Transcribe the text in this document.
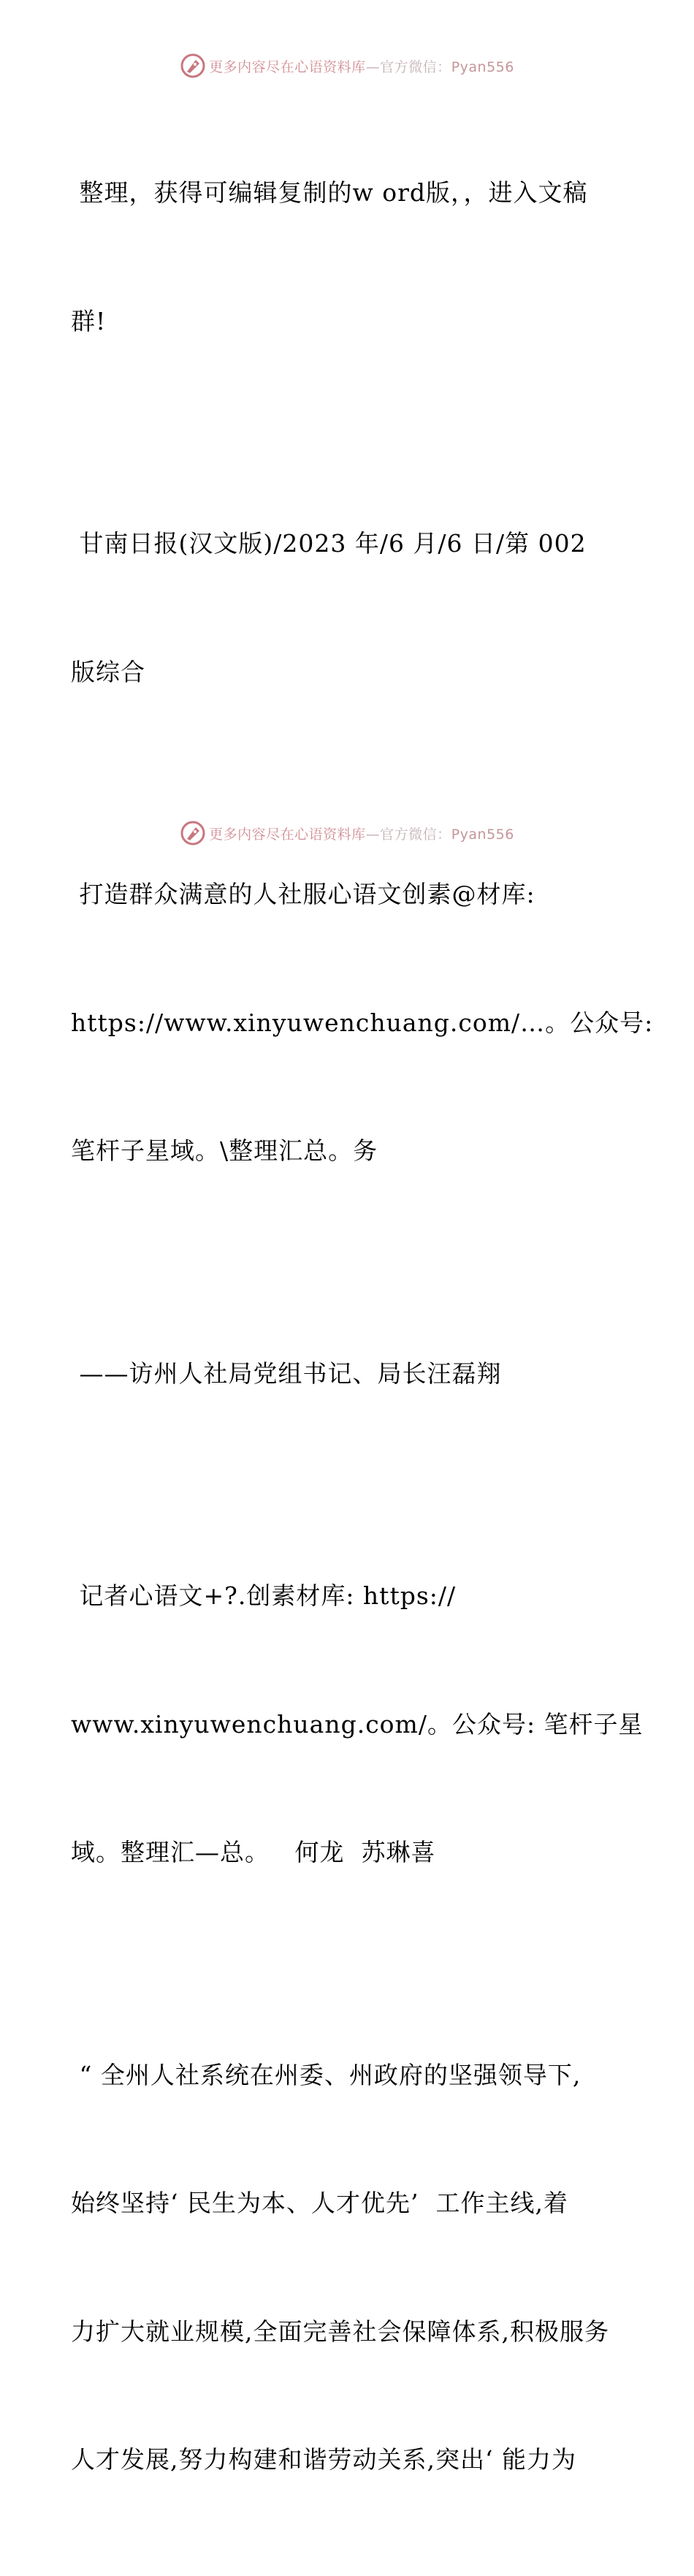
更多内容尽在心语资料库—官方微信：Pyan556

整理，获得可编辑复制的w ord版，，进入文稿

群!

甘南日报(汉文版)/2023 年/6 月/6 日/第 002

版综合

打造群众满意的人社服心语文创素@材库:

https://www.xinyuwenchuang.com/…。公众号:

笔杆子星域。\整理汇总。务

——访州人社局党组书记、局长汪磊翔

记者心语文+?.创素材库: https://

www.xinyuwenchuang.com/。公众号: 笔杆子星

域。整理汇—总。   何龙  苏琳喜

“ 全州人社系统在州委、州政府的坚强领导下,

始终坚持‘ 民生为本、人才优先’  工作主线,着

力扩大就业规模,全面完善社会保障体系,积极服务

人才发展,努力构建和谐劳动关系,突出‘ 能力为

更多内容尽在心语资料库—官方微信：Pyan556
